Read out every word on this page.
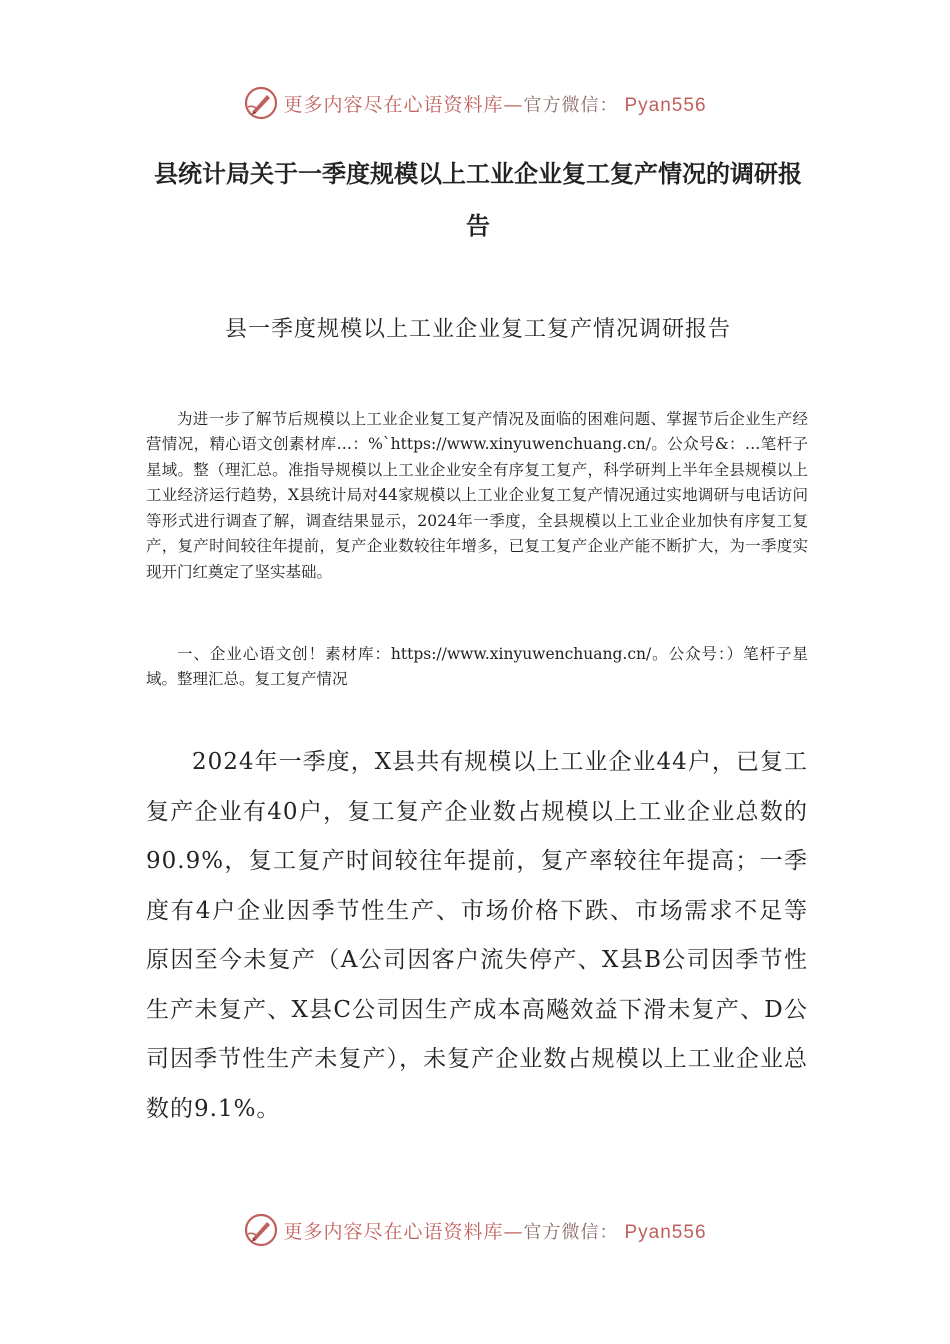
更多内容尽在心语资料库—官方微信： Pyan556
县统计局关于一季度规模以上工业企业复工复产情况的调研报告
县一季度规模以上工业企业复工复产情况调研报告

为进一步了解节后规模以上工业企业复工复产情况及面临的困难问题、掌握节后企业生产经营情况，精心语文创素材库…：%`https://www.xinyuwenchuang.cn/。公众号&：…笔杆子星域。整（理汇总。准指导规模以上工业企业安全有序复工复产，科学研判上半年全县规模以上工业经济运行趋势，X县统计局对44家规模以上工业企业复工复产情况通过实地调研与电话访问等形式进行调查了解，调查结果显示，2024年一季度，全县规模以上工业企业加快有序复工复产，复产时间较往年提前，复产企业数较往年增多，已复工复产企业产能不断扩大，为一季度实现开门红奠定了坚实基础。

一、企业心语文创！素材库：https://www.xinyuwenchuang.cn/。公众号：）笔杆子星域。整理汇总。复工复产情况

2024年一季度，X县共有规模以上工业企业44户，已复工复产企业有40户，复工复产企业数占规模以上工业企业总数的90.9%，复工复产时间较往年提前，复产率较往年提高；一季度有4户企业因季节性生产、市场价格下跌、市场需求不足等原因至今未复产（A公司因客户流失停产、X县B公司因季节性生产未复产、X县C公司因生产成本高飚效益下滑未复产、D公司因季节性生产未复产），未复产企业数占规模以上工业企业总数的9.1%。

更多内容尽在心语资料库—官方微信： Pyan556
